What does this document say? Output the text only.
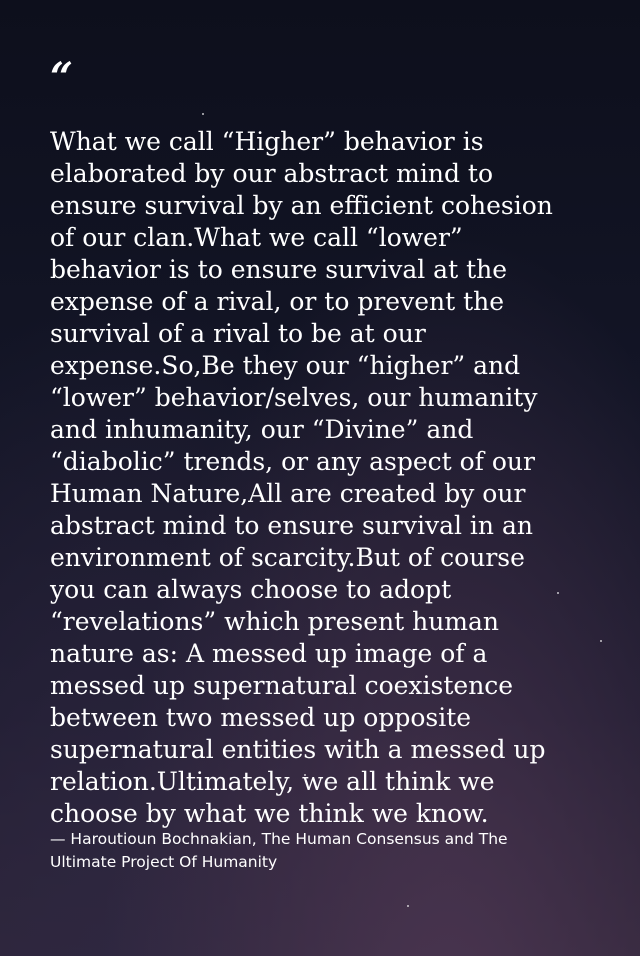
“

What we call “Higher” behavior is
elaborated by our abstract mind to
ensure survival by an efficient cohesion
of our clan.What we call “lower”
behavior is to ensure survival at the
expense of a rival, or to prevent the
survival of a rival to be at our
expense.So,Be they our “higher” and
“lower” behavior/selves, our humanity
and inhumanity, our “Divine” and
“diabolic” trends, or any aspect of our
Human Nature,All are created by our
abstract mind to ensure survival in an
environment of scarcity.But of course
you can always choose to adopt
“revelations” which present human
nature as: A messed up image of a
messed up supernatural coexistence
between two messed up opposite
supernatural entities with a messed up
relation.Ultimately, we all think we
choose by what we think we know.

— Haroutioun Bochnakian, The Human Consensus and The
Ultimate Project Of Humanity
